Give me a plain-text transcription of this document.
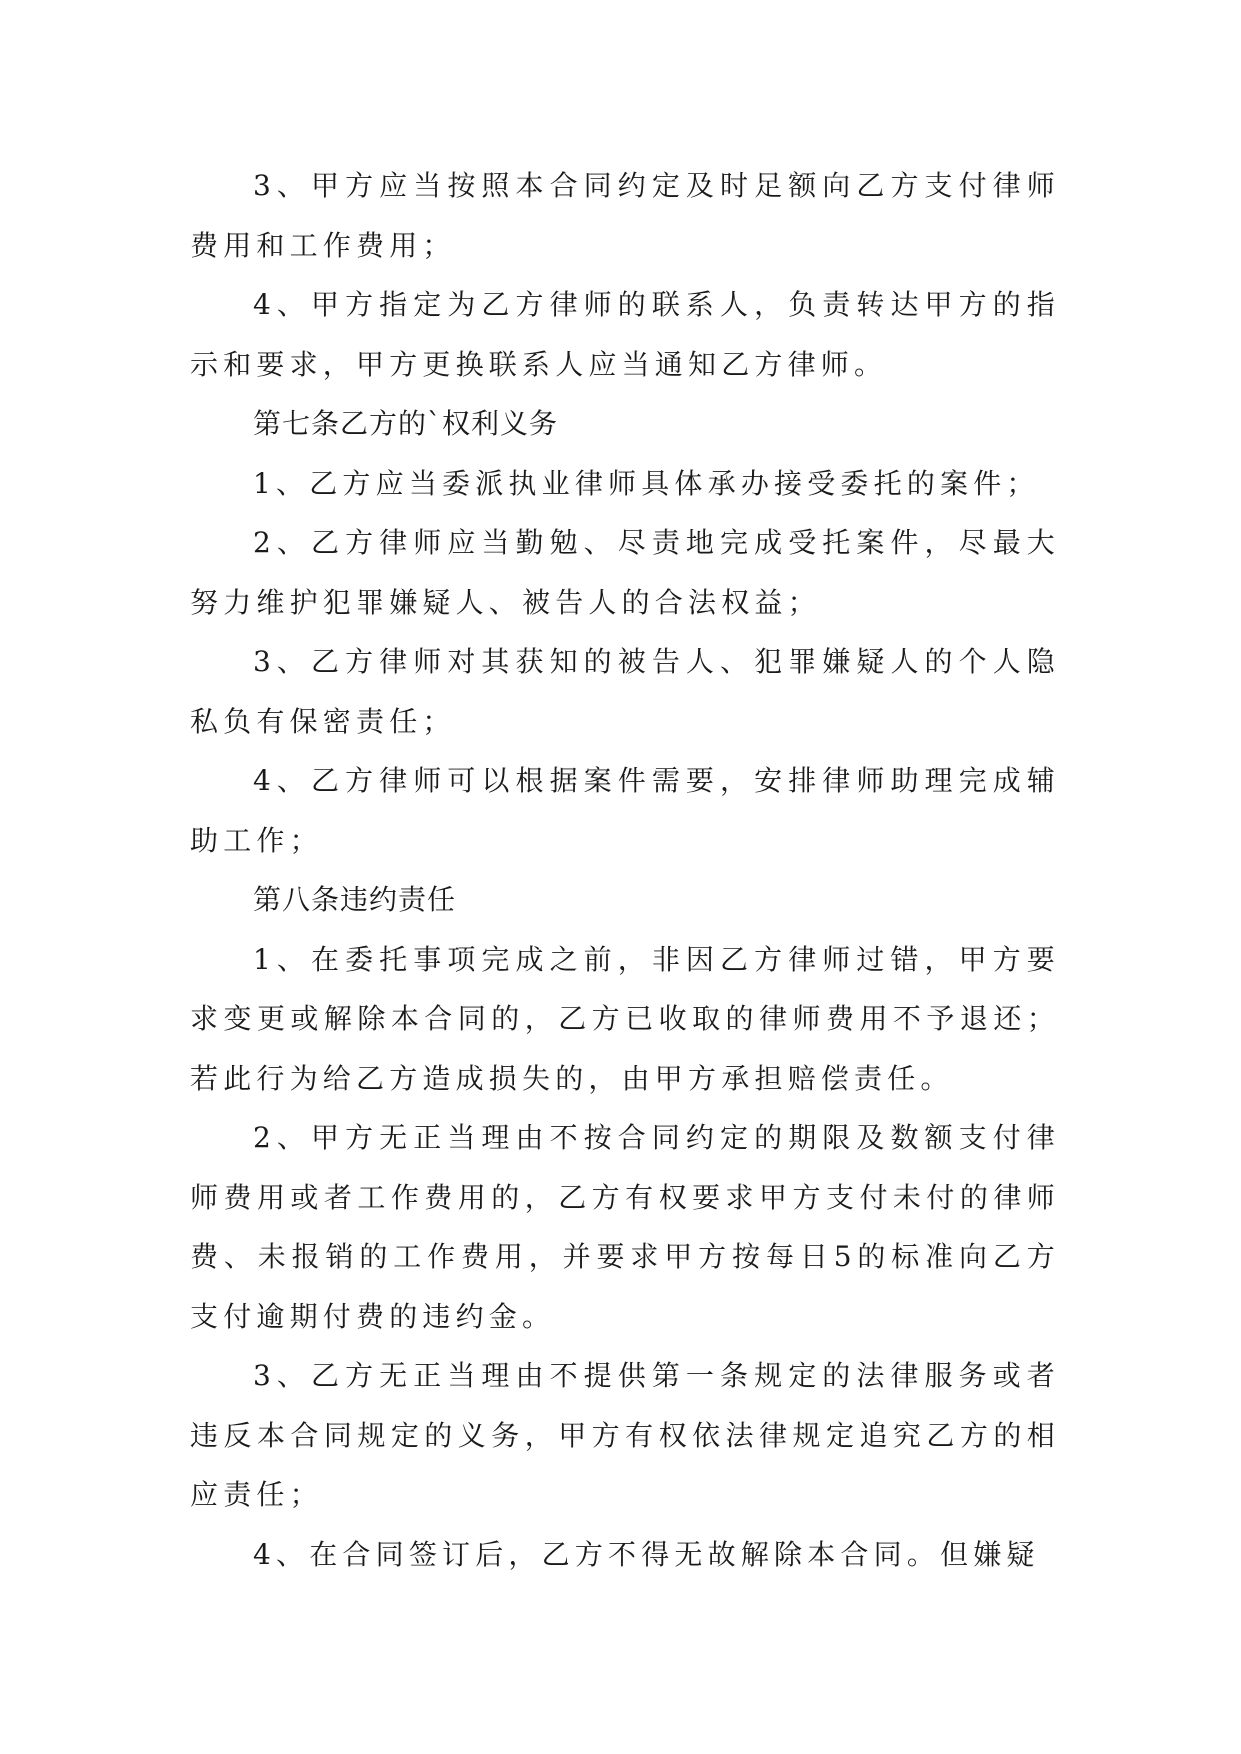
3、甲方应当按照本合同约定及时足额向乙方支付律师费用和工作费用；

4、甲方指定为乙方律师的联系人，负责转达甲方的指示和要求，甲方更换联系人应当通知乙方律师。

第七条乙方的`权利义务

1、乙方应当委派执业律师具体承办接受委托的案件；

2、乙方律师应当勤勉、尽责地完成受托案件，尽最大努力维护犯罪嫌疑人、被告人的合法权益；

3、乙方律师对其获知的被告人、犯罪嫌疑人的个人隐私负有保密责任；

4、乙方律师可以根据案件需要，安排律师助理完成辅助工作；

第八条违约责任

1、在委托事项完成之前，非因乙方律师过错，甲方要求变更或解除本合同的，乙方已收取的律师费用不予退还；若此行为给乙方造成损失的，由甲方承担赔偿责任。

2、甲方无正当理由不按合同约定的期限及数额支付律师费用或者工作费用的，乙方有权要求甲方支付未付的律师费、未报销的工作费用，并要求甲方按每日5的标准向乙方支付逾期付费的违约金。

3、乙方无正当理由不提供第一条规定的法律服务或者违反本合同规定的义务，甲方有权依法律规定追究乙方的相应责任；

4、在合同签订后，乙方不得无故解除本合同。但嫌疑
